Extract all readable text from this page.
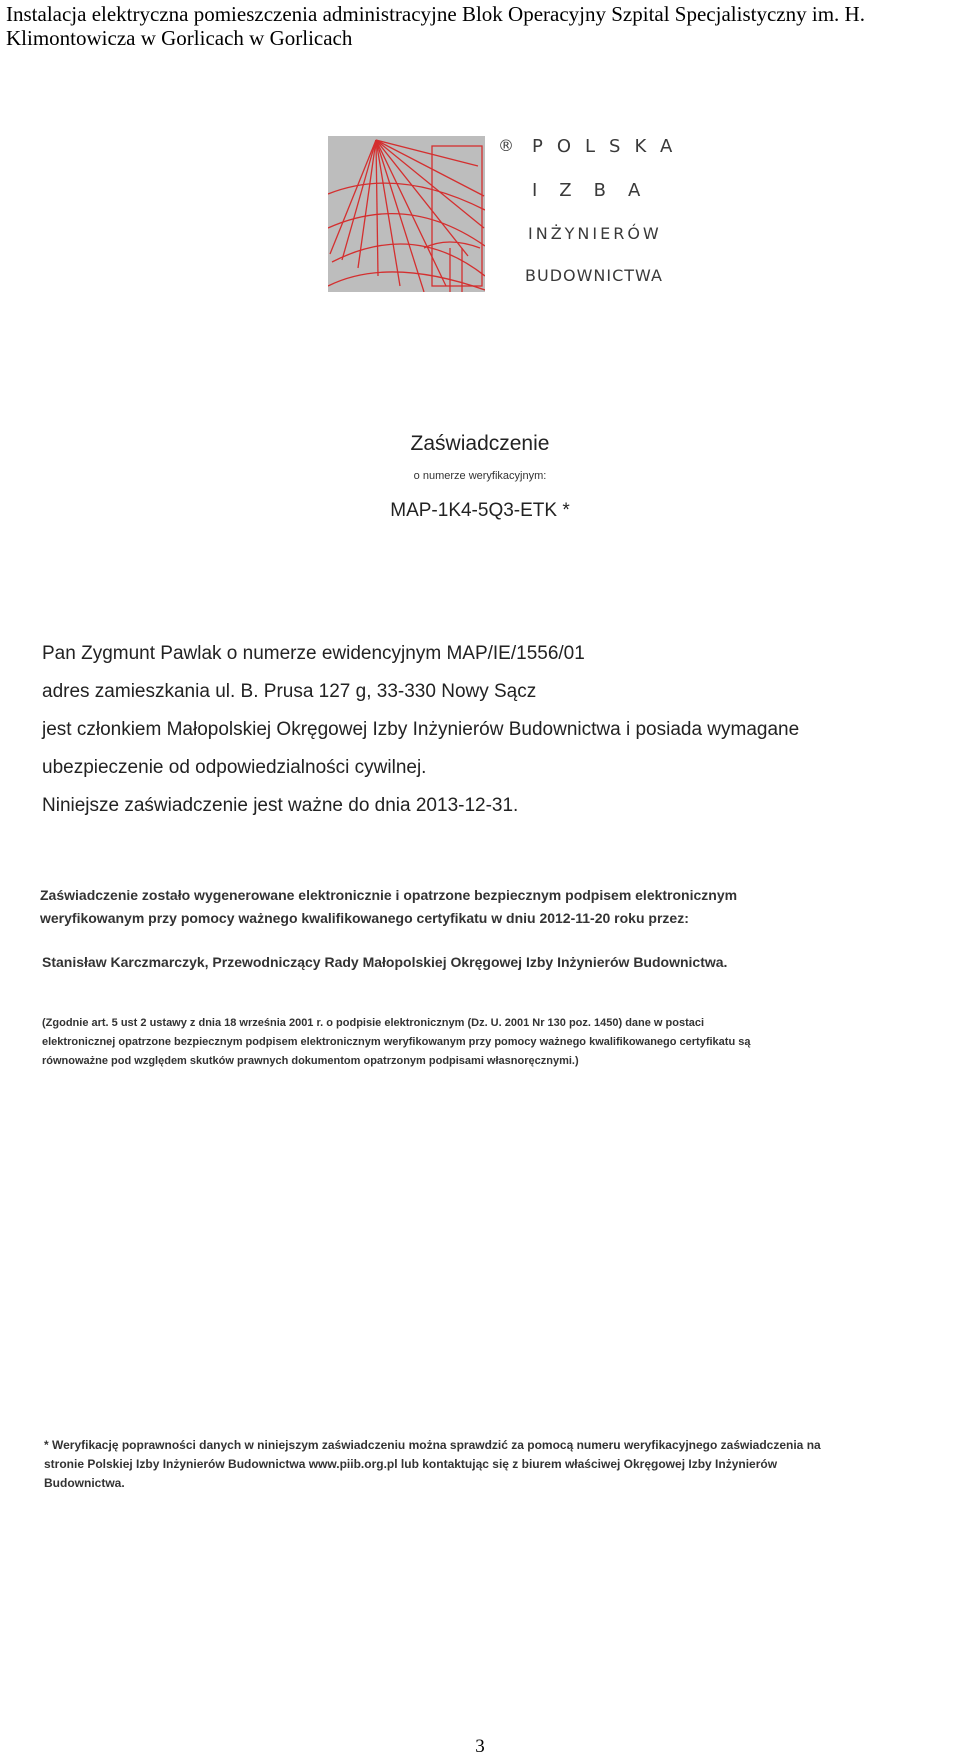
Instalacja elektryczna pomieszczenia administracyjne Blok Operacyjny Szpital Specjalistyczny im. H.
Klimontowicza w Gorlicach w Gorlicach
® POLSKA
IZBA
INŻYNIERÓW
BUDOWNICTWA
Zaświadczenie
o numerze weryfikacyjnym:
MAP-1K4-5Q3-ETK *
Pan Zygmunt Pawlak o numerze ewidencyjnym MAP/IE/1556/01
adres zamieszkania ul. B. Prusa 127 g, 33-330 Nowy Sącz
jest członkiem Małopolskiej Okręgowej Izby Inżynierów Budownictwa i posiada wymagane
ubezpieczenie od odpowiedzialności cywilnej.
Niniejsze zaświadczenie jest ważne do dnia 2013-12-31.
Zaświadczenie zostało wygenerowane elektronicznie i opatrzone bezpiecznym podpisem elektronicznym
weryfikowanym przy pomocy ważnego kwalifikowanego certyfikatu w dniu 2012-11-20 roku przez:
Stanisław Karczmarczyk, Przewodniczący Rady Małopolskiej Okręgowej Izby Inżynierów Budownictwa.
(Zgodnie art. 5 ust 2 ustawy z dnia 18 września 2001 r. o podpisie elektronicznym (Dz. U. 2001 Nr 130 poz. 1450) dane w postaci
elektronicznej opatrzone bezpiecznym podpisem elektronicznym weryfikowanym przy pomocy ważnego kwalifikowanego certyfikatu są
równoważne pod względem skutków prawnych dokumentom opatrzonym podpisami własnoręcznymi.)
* Weryfikację poprawności danych w niniejszym zaświadczeniu można sprawdzić za pomocą numeru weryfikacyjnego zaświadczenia na
stronie Polskiej Izby Inżynierów Budownictwa www.piib.org.pl lub kontaktując się z biurem właściwej Okręgowej Izby Inżynierów
Budownictwa.
3
